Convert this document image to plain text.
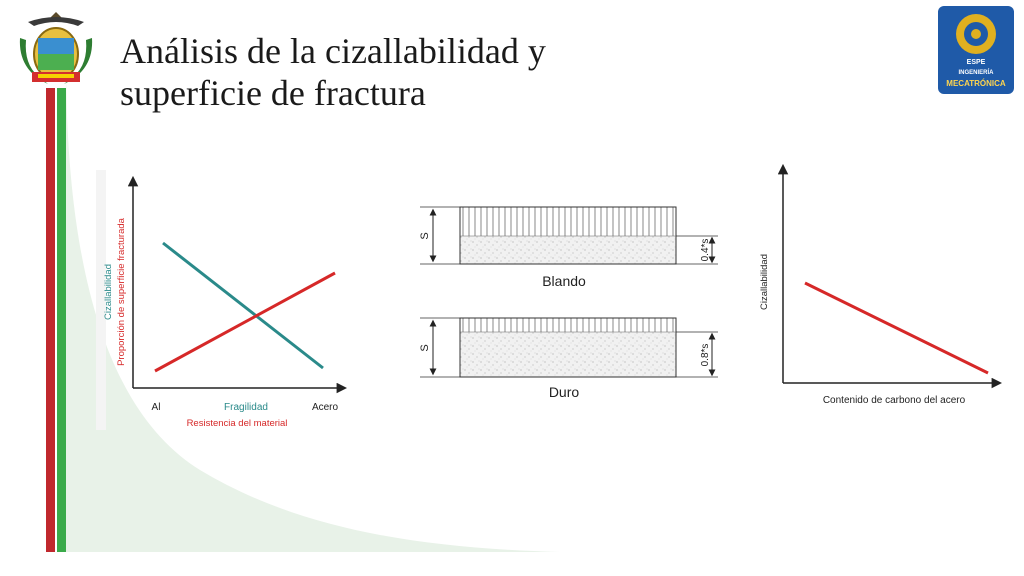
Análisis de la cizallabilidad y superficie de fractura
ESPE
INGENIERÍA
MECATRÓNICA
Cizallabilidad Proporción de superficie fracturada
Al	Fragilidad	Acero
Resistencia del material
S
0.4*s
Blando
S	0.8*s
Duro
Cizallabilidad
Contenido de carbono del acero
